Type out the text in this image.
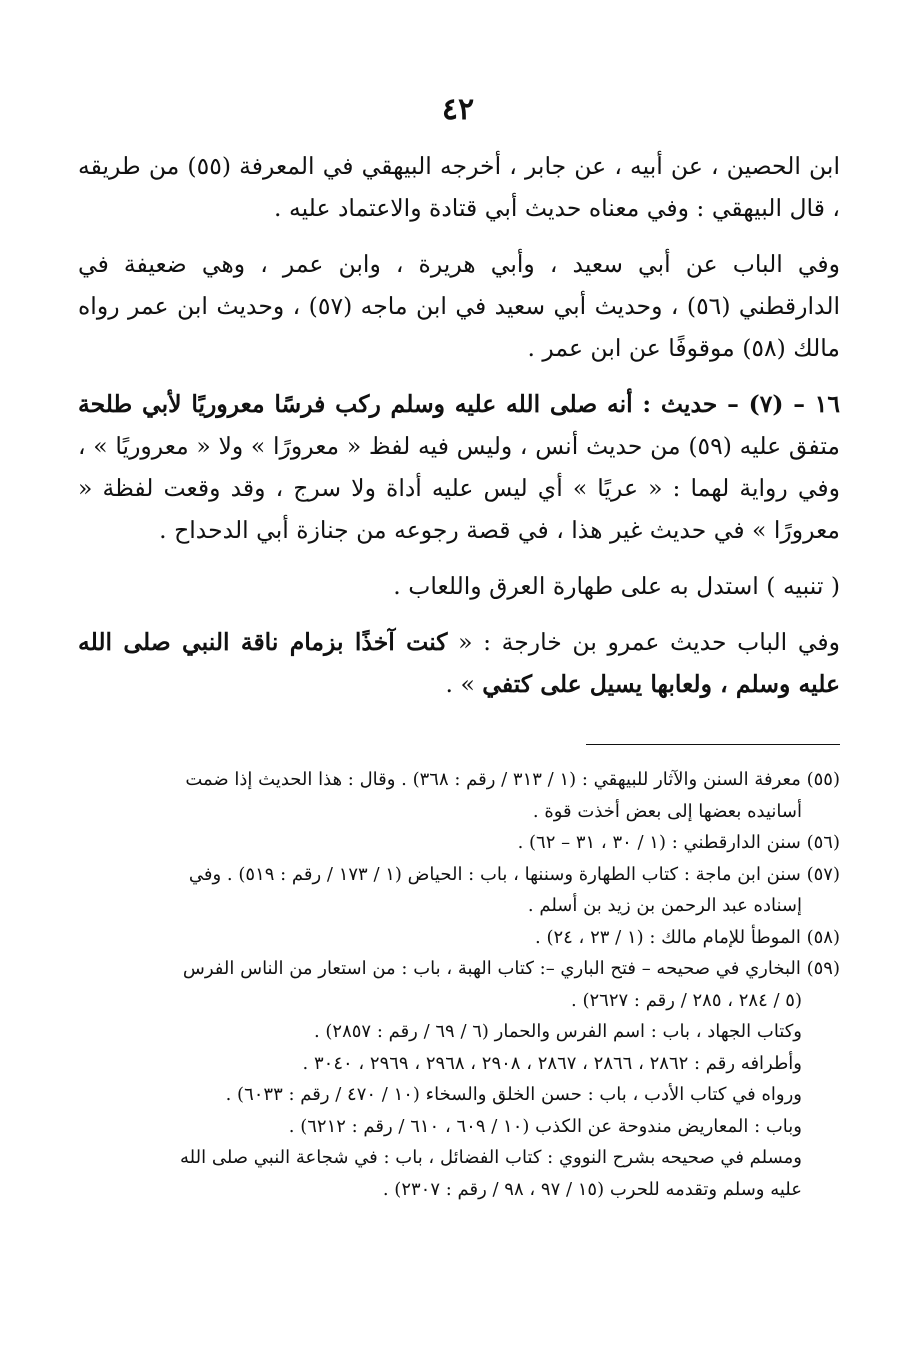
٤٢

ابن الحصين ، عن أبيه ، عن جابر ، أخرجه البيهقي في المعرفة (٥٥) من طريقه ، قال البيهقي : وفي معناه حديث أبي قتادة والاعتماد عليه .

وفي الباب عن أبي سعيد ، وأبي هريرة ، وابن عمر ، وهي ضعيفة في الدارقطني (٥٦) ، وحديث أبي سعيد في ابن ماجه (٥٧) ، وحديث ابن عمر رواه مالك (٥٨) موقوفًا عن ابن عمر .

١٦ – (٧) – حديث : أنه صلى الله عليه وسلم ركب فرسًا معروريًا لأبي طلحة متفق عليه (٥٩) من حديث أنس ، وليس فيه لفظ « معرورًا » ولا « معروريًا » ، وفي رواية لهما : « عريًا » أي ليس عليه أداة ولا سرج ، وقد وقعت لفظة « معرورًا » في حديث غير هذا ، في قصة رجوعه من جنازة أبي الدحداح .

( تنبيه ) استدل به على طهارة العرق واللعاب .

وفي الباب حديث عمرو بن خارجة : « كنت آخذًا بزمام ناقة النبي صلى الله عليه وسلم ، ولعابها يسيل على كتفي » .

(٥٥) معرفة السنن والآثار للبيهقي : (١ / ٣١٣ / رقم : ٣٦٨) . وقال : هذا الحديث إذا ضمت
أسانيده بعضها إلى بعض أخذت قوة .

(٥٦) سنن الدارقطني : (١ / ٣٠ ، ٣١ – ٦٢) .

(٥٧) سنن ابن ماجة : كتاب الطهارة وسننها ، باب : الحياض (١ / ١٧٣ / رقم : ٥١٩) . وفي
إسناده عبد الرحمن بن زيد بن أسلم .

(٥٨) الموطأ للإمام مالك : (١ / ٢٣ ، ٢٤) .

(٥٩) البخاري في صحيحه – فتح الباري –: كتاب الهبة ، باب : من استعار من الناس الفرس

(٥ / ٢٨٤ ، ٢٨٥ / رقم : ٢٦٢٧) .

وكتاب الجهاد ، باب : اسم الفرس والحمار (٦ / ٦٩ / رقم : ٢٨٥٧) .

وأطرافه رقم : ٢٨٦٢ ، ٢٨٦٦ ، ٢٨٦٧ ، ٢٩٠٨ ، ٢٩٦٨ ، ٢٩٦٩ ، ٣٠٤٠ .

ورواه في كتاب الأدب ، باب : حسن الخلق والسخاء (١٠ / ٤٧٠ / رقم : ٦٠٣٣) .

وباب : المعاريض مندوحة عن الكذب (١٠ / ٦٠٩ ، ٦١٠ / رقم : ٦٢١٢) .

ومسلم في صحيحه بشرح النووي : كتاب الفضائل ، باب : في شجاعة النبي صلى الله

عليه وسلم وتقدمه للحرب (١٥ / ٩٧ ، ٩٨ / رقم : ٢٣٠٧) .
